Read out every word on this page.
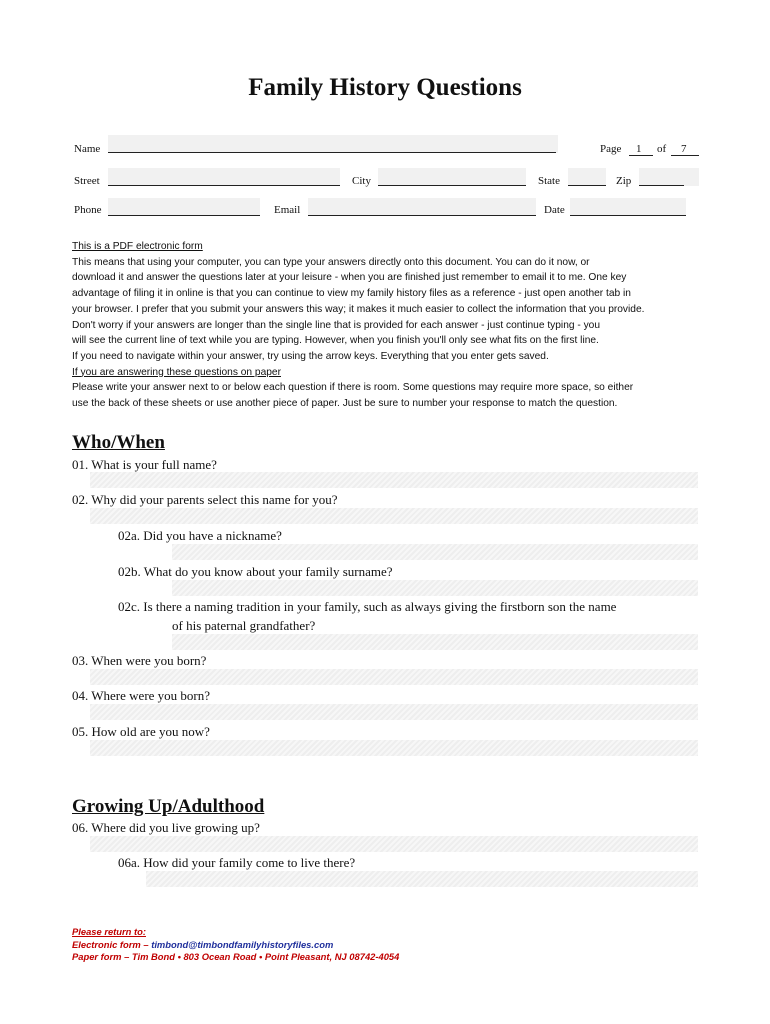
Family History Questions
Name	Page 1 of 7
Street	City	State	Zip
Phone	Email	Date

This is a PDF electronic form

This means that using your computer, you can type your answers directly onto this document. You can do it now, or

download it and answer the questions later at your leisure - when you are finished just remember to email it to me. One key

advantage of filing it in online is that you can continue to view my family history files as a reference - just open another tab in

your browser. I prefer that you submit your answers this way; it makes it much easier to collect the information that you provide.

Don't worry if your answers are longer than the single line that is provided for each answer - just continue typing - you

will see the current line of text while you are typing. However, when you finish you'll only see what fits on the first line.

If you need to navigate within your answer, try using the arrow keys. Everything that you enter gets saved.

If you are answering these questions on paper

Please write your answer next to or below each question if there is room. Some questions may require more space, so either

use the back of these sheets or use another piece of paper. Just be sure to number your response to match the question.

Who/When
01. What is your full name?
02. Why did your parents select this name for you?
02a. Did you have a nickname?
02b. What do you know about your family surname?
02c. Is there a naming tradition in your family, such as always giving the firstborn son the name
of his paternal grandfather?
03. When were you born?
04. Where were you born?
05. How old are you now?
Growing Up/Adulthood
06. Where did you live growing up?
06a. How did your family come to live there?
Please return to:
Electronic form – timbond@timbondfamilyhistoryfiles.com
Paper form – Tim Bond • 803 Ocean Road • Point Pleasant, NJ 08742-4054
